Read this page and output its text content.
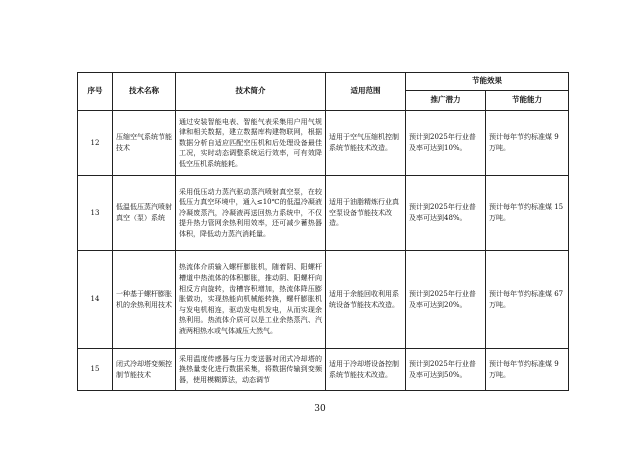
序号	技术名称	技术简介	适用范围	节能效果	
				推广潜力	节能能力
12	压缩空气系统节能技术	通过安装智能电表、智能气表采集用户用气规律和相关数据，建立数据库构建物联网，根据数据分析自适应匹配空压机和后处理设备最佳工况，实时动态调整系统运行效率，可有效降低空压机系统能耗。	适用于空气压缩机控制系统节能技术改造。	预计到2025年行业普及率可达到10%。	预计每年节约标准煤 9万吨。
13	低温低压蒸汽喷射真空（泵）系统	采用低压动力蒸汽驱动蒸汽喷射真空泵，在较低压力真空环境中，通入≤10℃的低温冷凝液冷凝废蒸汽，冷凝液再送回热力系统中，不仅提升热力管网余热利用效率，还可减少蓄热器体积，降低动力蒸汽消耗量。	适用于油脂精炼行业真空泵设备节能技术改造。	预计到2025年行业普及率可达到48%。	预计每年节约标准煤 15万吨。
14	一种基于螺杆膨胀机的余热利用技术	热流体介质输入螺杆膨胀机，随着阴、阳螺杆槽道中热流体的体积膨胀，推动阴、阳螺杆向相反方向旋转，齿槽容积增加，热流体降压膨胀做功，实现热能向机械能转换，螺杆膨胀机与发电机相连，驱动发电机发电，从而实现余热利用。热流体介质可以是工业余热蒸汽、汽液两相热水或气体减压大然气。	适用于余能回收利用系统设备节能技术改造。	预计到2025年行业普及率可达到20%。	预计每年节约标准煤 67万吨。
15	闭式冷却塔变频控制节能技术	采用温度传感器与压力变送器对闭式冷却塔的换热量变化进行数据采集，将数据传输到变频器，使用模糊算法，动态调节	适用于冷却塔设备控制系统节能技术改造。	预计到2025年行业普及率可达到50%。	预计每年节约标准煤 9万吨。
30
